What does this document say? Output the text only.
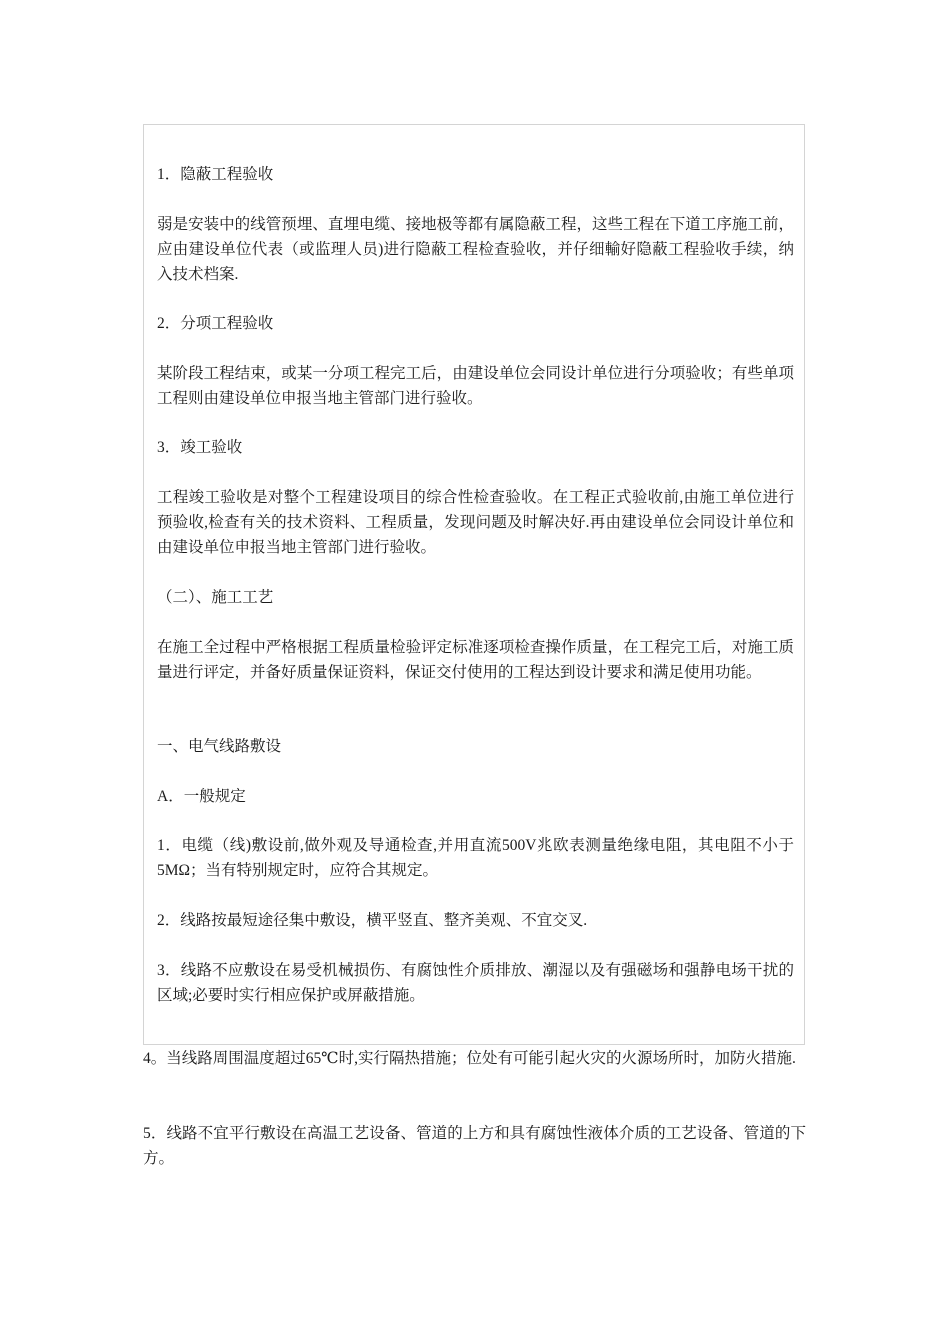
1．隐蔽工程验收

弱是安装中的线管预埋、直埋电缆、接地极等都有属隐蔽工程，这些工程在下道工序施工前，应由建设单位代表（或监理人员)进行隐蔽工程检查验收，并仔细輸好隐蔽工程验收手续，纳入技术档案.

2．分项工程验收

某阶段工程结束，或某一分项工程完工后，由建设单位会同设计单位进行分项验收；有些单项工程则由建设单位申报当地主管部门进行验收。

3．竣工验收

工程竣工验收是对整个工程建设项目的综合性检查验收。在工程正式验收前,由施工单位进行预验收,检查有关的技术资料、工程质量，发现问题及时解决好.再由建设单位会同设计单位和由建设单位申报当地主管部门进行验收。

（二）、施工工艺

在施工全过程中严格根据工程质量检验评定标准逐项检查操作质量，在工程完工后，对施工质量进行评定，并备好质量保证资料，保证交付使用的工程达到设计要求和满足使用功能。

一、电气线路敷设

A．一般规定

1．电缆（线)敷设前,做外观及导通检查,并用直流500V兆欧表测量绝缘电阻，其电阻不小于5MΩ；当有特别规定时，应符合其规定。

2．线路按最短途径集中敷设，横平竖直、整齐美观、不宜交叉.

3．线路不应敷设在易受机械损伤、有腐蚀性介质排放、潮湿以及有强磁场和强静电场干扰的区域;必要时实行相应保护或屏蔽措施。

4。当线路周围温度超过65℃时,实行隔热措施；位处有可能引起火灾的火源场所时，加防火措施.

5．线路不宜平行敷设在高温工艺设备、管道的上方和具有腐蚀性液体介质的工艺设备、管道的下方。
